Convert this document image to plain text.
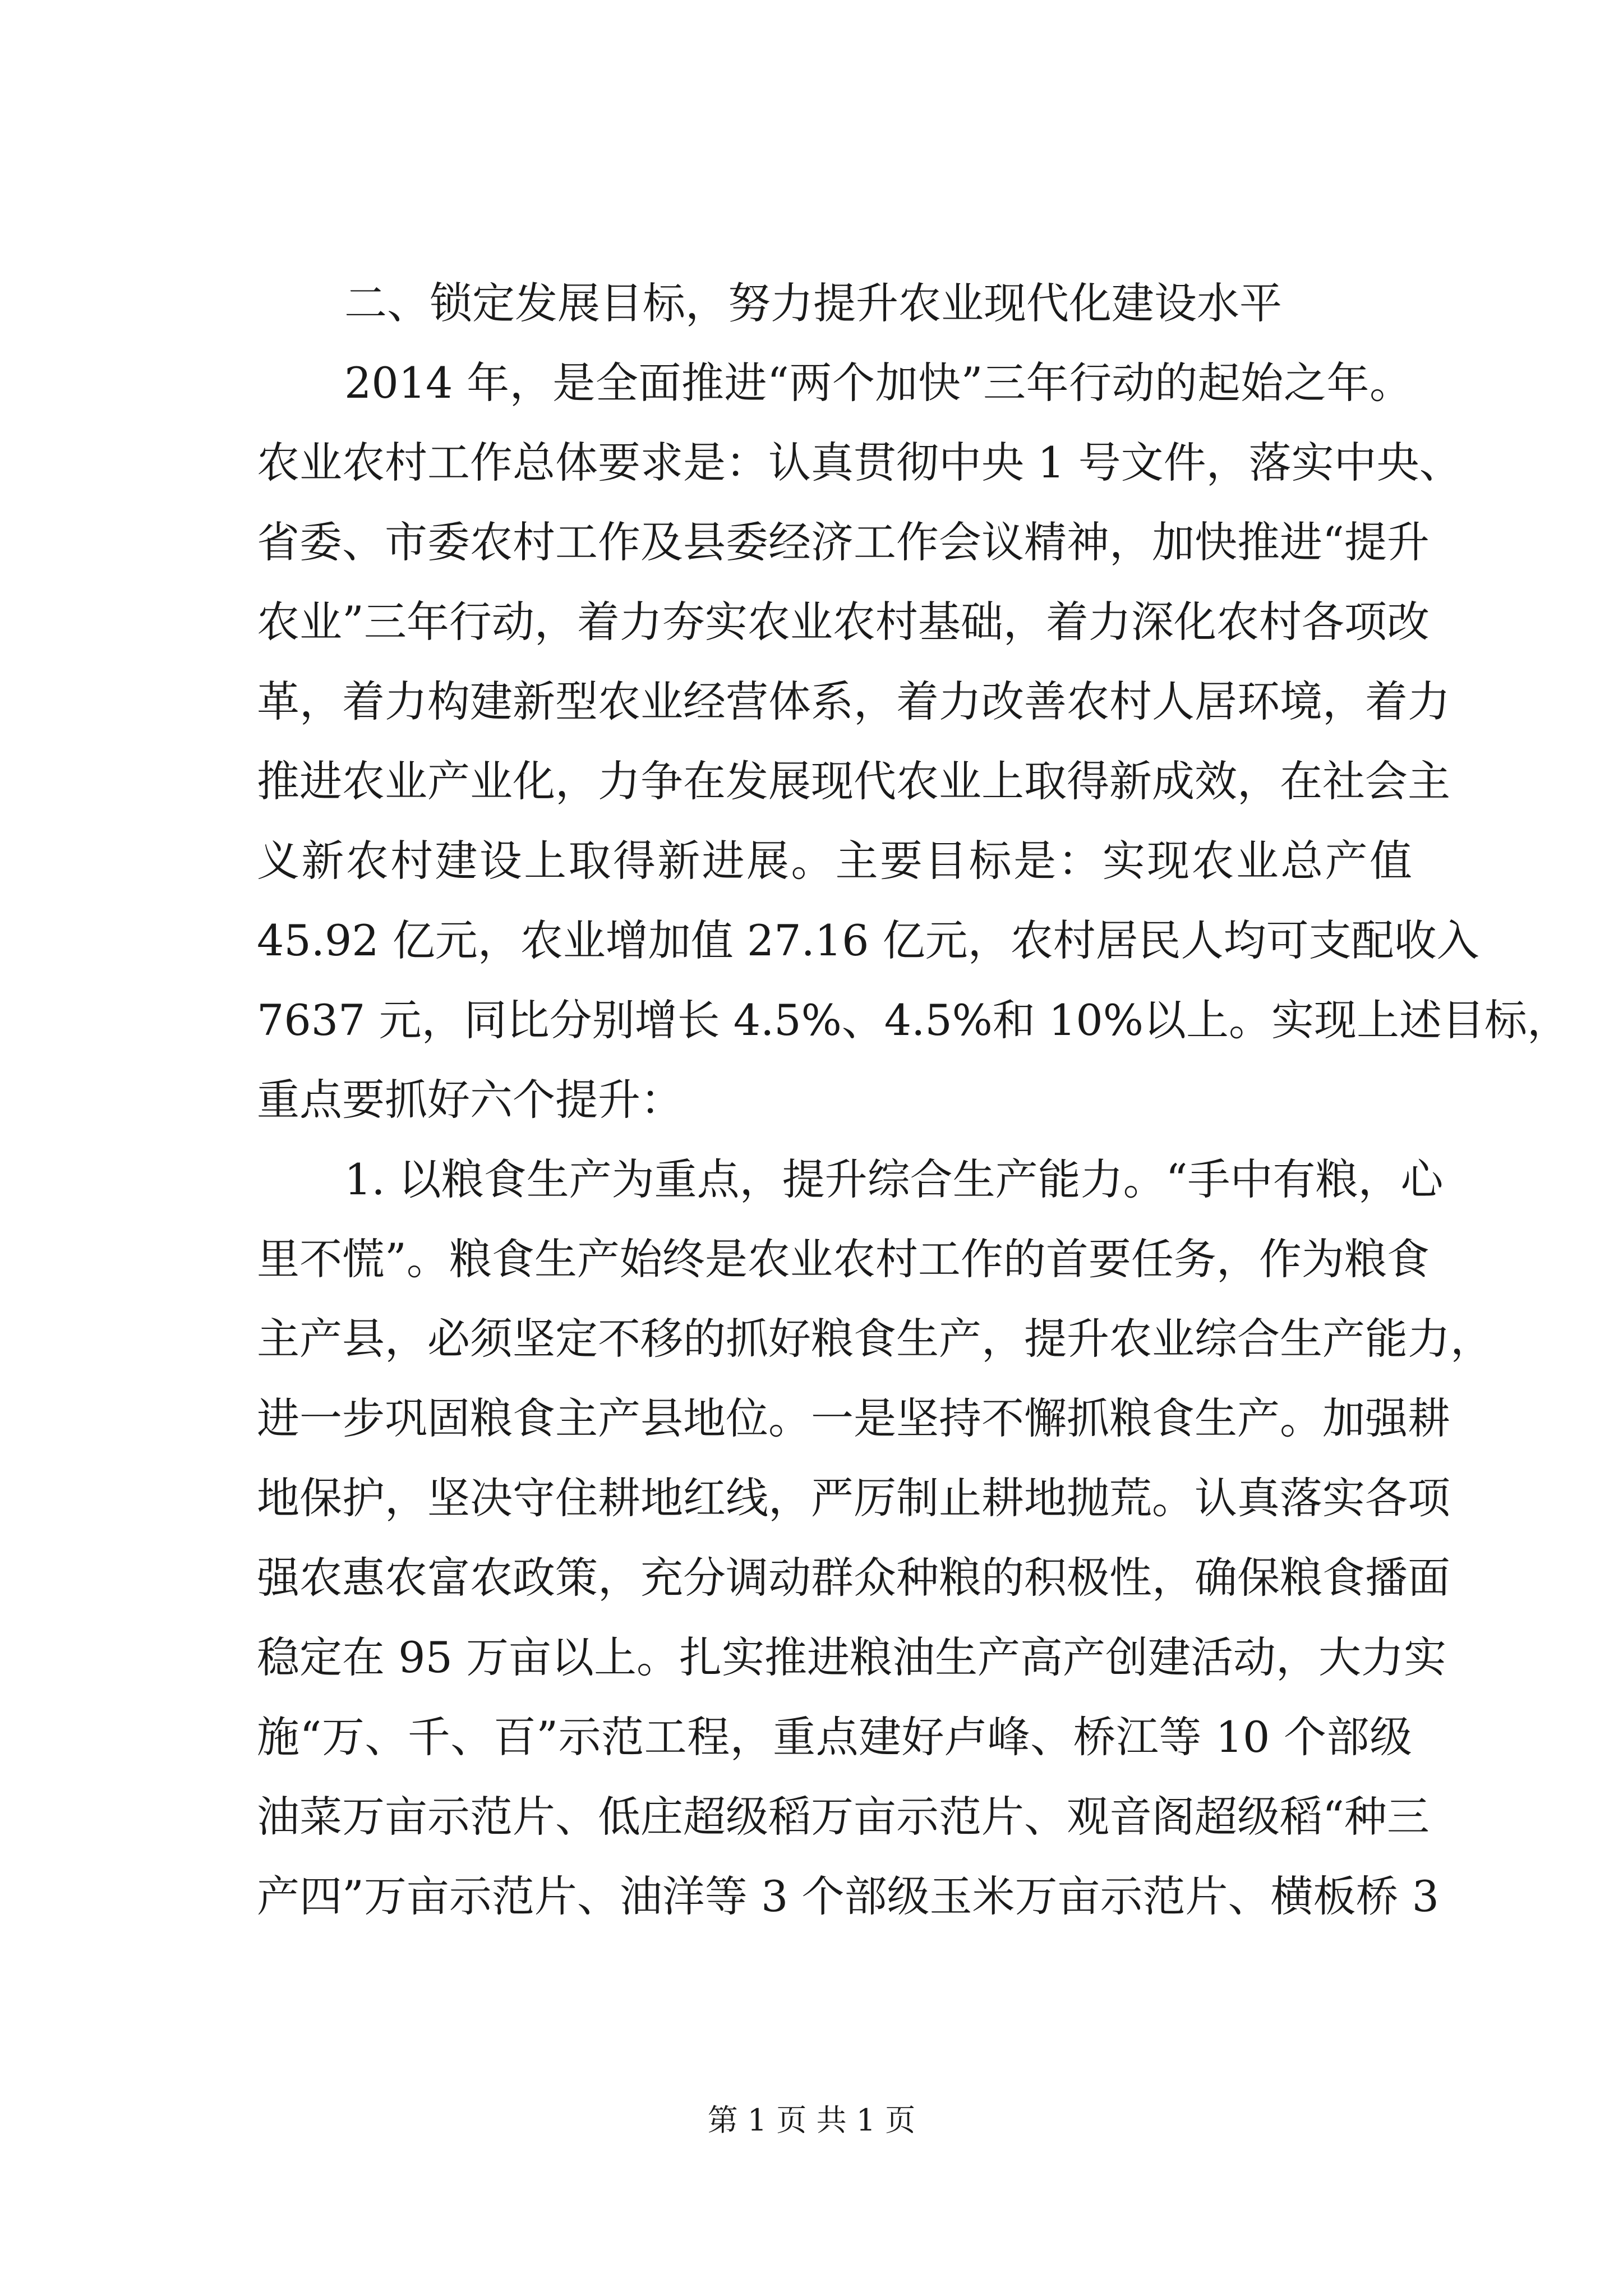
二、锁定发展目标，努力提升农业现代化建设水平
2014 年，是全面推进“两个加快”三年行动的起始之年。
农业农村工作总体要求是：认真贯彻中央 1 号文件，落实中央、
省委、市委农村工作及县委经济工作会议精神，加快推进“提升
农业”三年行动，着力夯实农业农村基础，着力深化农村各项改
革，着力构建新型农业经营体系，着力改善农村人居环境，着力
推进农业产业化，力争在发展现代农业上取得新成效，在社会主
义新农村建设上取得新进展。主要目标是：实现农业总产值
45.92 亿元，农业增加值 27.16 亿元，农村居民人均可支配收入
7637 元，同比分别增长 4.5%、4.5%和 10%以上。实现上述目标，
重点要抓好六个提升：
1. 以粮食生产为重点，提升综合生产能力。“手中有粮，心
里不慌”。粮食生产始终是农业农村工作的首要任务，作为粮食
主产县，必须坚定不移的抓好粮食生产，提升农业综合生产能力，
进一步巩固粮食主产县地位。一是坚持不懈抓粮食生产。加强耕
地保护，坚决守住耕地红线，严厉制止耕地抛荒。认真落实各项
强农惠农富农政策，充分调动群众种粮的积极性，确保粮食播面
稳定在 95 万亩以上。扎实推进粮油生产高产创建活动，大力实
施“万、千、百”示范工程，重点建好卢峰、桥江等 10 个部级
油菜万亩示范片、低庄超级稻万亩示范片、观音阁超级稻“种三
产四”万亩示范片、油洋等 3 个部级玉米万亩示范片、横板桥 3
第 1 页 共 1 页
